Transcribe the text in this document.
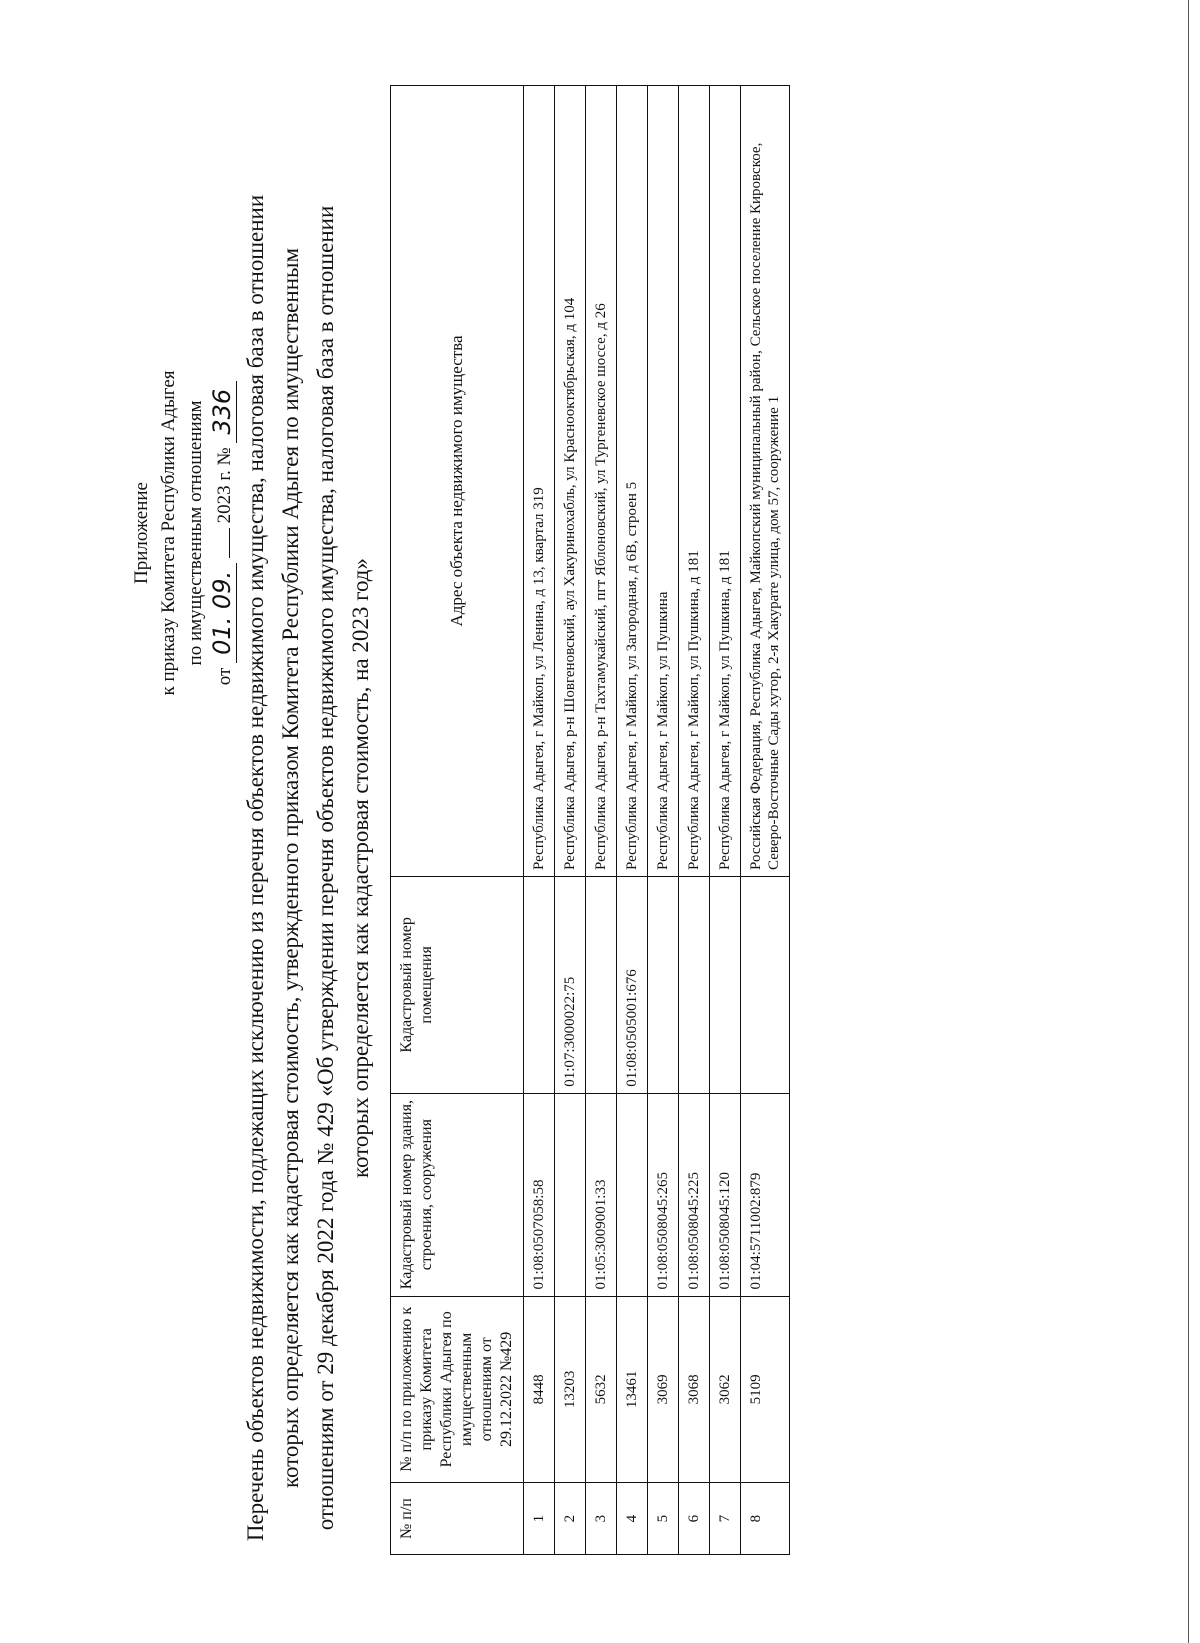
Приложение к приказу Комитета Республики Адыгея по имущественным отношениям
от 01. 09.  2023 г. № 336 Перечень объектов недвижимости, подлежащих исключению из перечня объектов недвижимого имущества, налоговая база в отношении которых определяется как кадастровая стоимость, утвержденного приказом Комитета Республики Адыгея по имущественным отношениям от 29 декабря 2022 года № 429 «Об утверждении перечня объектов недвижимого имущества, налоговая база в отношении которых определяется как кадастровая стоимость, на 2023 год»
№ п/п	№ п/п по приложению к приказу Комитета Республики Адыгея по имущественным отношениям от 29.12.2022 №429	Кадастровый номер здания, строения, сооружения	Кадастровый номер помещения	Адрес объекта недвижимого имущества
1	8448	01:08:0507058:58		Республика Адыгея, г Майкоп, ул Ленина, д 13, квартал 319
2	13203		01:07:3000022:75	Республика Адыгея, р-н Шовгеновский, аул Хакуринохабль, ул Краснооктябрьская, д 104
3	5632	01:05:3009001:33		Республика Адыгея, р-н Тахтамукайский, пгт Яблоновский, ул Тургеневское шоссе, д 26
4	13461		01:08:0505001:676	Республика Адыгея, г Майкоп, ул Загородная, д 6В, строен 5
5	3069	01:08:0508045:265		Республика Адыгея, г Майкоп, ул Пушкина
6	3068	01:08:0508045:225		Республика Адыгея, г Майкоп, ул Пушкина, д 181
7	3062	01:08:0508045:120		Республика Адыгея, г Майкоп, ул Пушкина, д 181
8	5109	01:04:5711002:879		Российская Федерация, Республика Адыгея, Майкопский муниципальный район, Сельское поселение Кировское, Северо-Восточные Сады хутор, 2-я Хакурате улица, дом 57, сооружение 1
